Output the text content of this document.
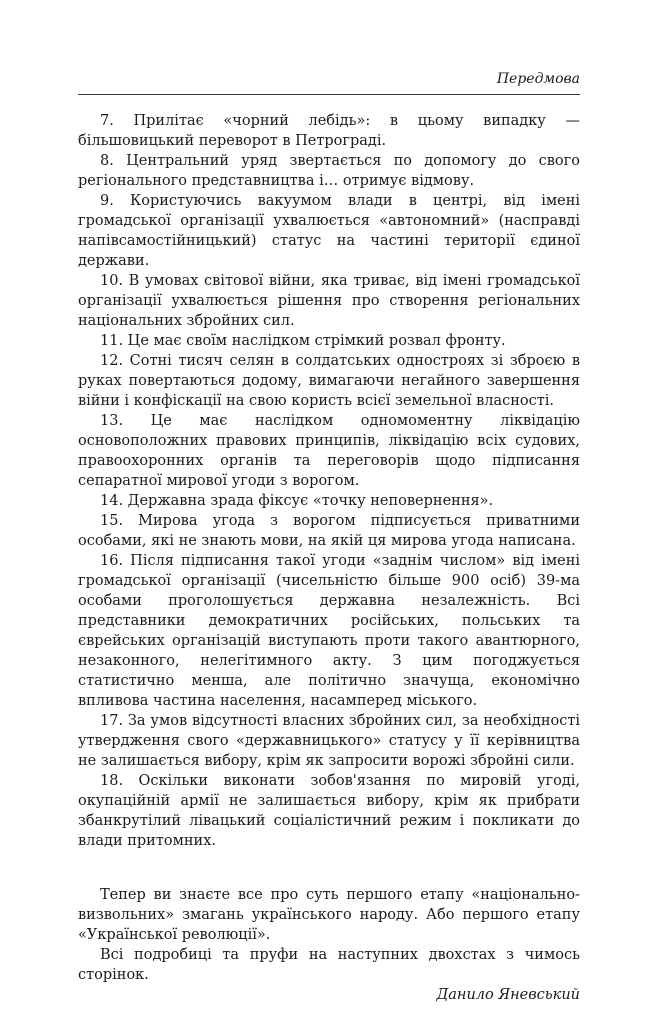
Передмова

7. Прилітає «чорний лебідь»: в цьому випадку — більшовицький переворот в Петрограді.

8. Центральний уряд звертається по допомогу до свого регіонального представництва і… отримує відмову.

9. Користуючись вакуумом влади в центрі, від імені громадської організації ухвалюється «автономний» (насправді напівсамостійницький) статус на частині території єдиної держави.

10. В умовах світової війни, яка триває, від імені громадської організації ухвалюється рішення про створення регіональних національних збройних сил.

11. Це має своїм наслідком стрімкий розвал фронту.

12. Сотні тисяч селян в солдатських одностроях зі зброєю в руках повертаються додому, вимагаючи негайного завершення війни і конфіскації на свою користь всієї земельної власності.

13. Це має наслідком одномоментну ліквідацію основоположних правових принципів, ліквідацію всіх судових, правоохоронних органів та переговорів щодо підписання сепаратної мирової угоди з ворогом.

14. Державна зрада фіксує «точку неповернення».

15. Мирова угода з ворогом підписується приватними особами, які не знають мови, на якій ця мирова угода написана.

16. Після підписання такої угоди «заднім числом» від імені громадської організації (чисельністю більше 900 осіб) 39-ма особами проголошується державна незалежність. Всі представники демократичних російських, польських та єврейських організацій виступають проти такого авантюрного, незаконного, нелегітимного акту. З цим погоджується статистично менша, але політично значуща, економічно впливова частина населення, насамперед міського.

17. За умов відсутності власних збройних сил, за необхідності утвердження свого «державницького» статусу у її керівництва не залишається вибору, крім як запросити ворожі збройні сили.

18. Оскільки виконати зобов'язання по мировій угоді, окупаційній армії не залишається вибору, крім як прибрати збанкрутілий лівацький соціалістичний режим і покликати до влади притомних.

Тепер ви знаєте все про суть першого етапу «національно-визвольних» змагань українського народу. Або першого етапу «Української революції».

Всі подробиці та пруфи на наступних двохстах з чимось сторінок.

Данило Яневський
